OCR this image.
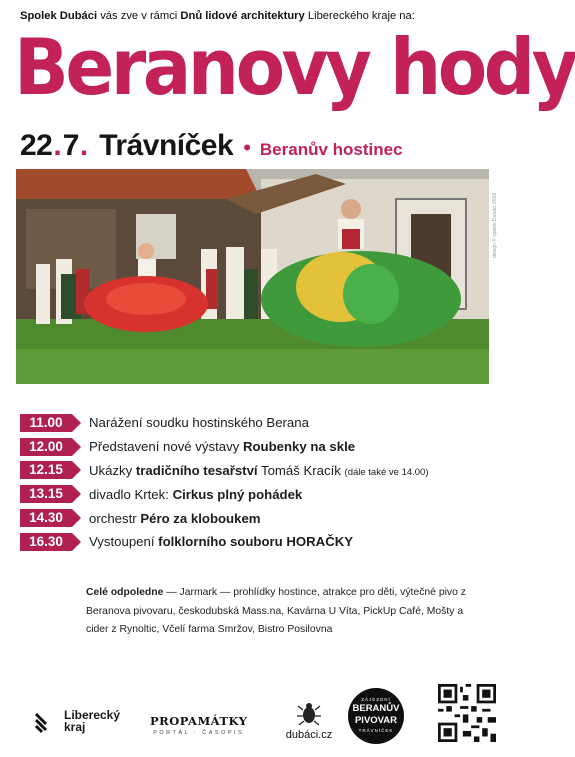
Spolek Dubáci vás zve v rámci Dnů lidové architektury Libereckého kraje na:
Beranovy hody
22 . 7 . Trávníček • Beranův hostinec
design © spolek Dubáci 2018
11.00	Narážení soudku hostinského Berana
12.00	Představení nové výstavy Roubenky na skle
12.15	Ukázky tradičního tesařství Tomáš Kracík (dále také ve 14.00)
13.15	divadlo Krtek: Cirkus plný pohádek
14.30	orchestr Péro za kloboukem
16.30	Vystoupení folklorního souboru HORAČKY
Celé odpoledne — Jarmark — prohlídky hostince, atrakce pro děti, výtečné pivo z Beranova pivovaru, českodubská Mass.na, Kavárna U Víta, PickUp Café, Mošty a cider z Rynoltic, Včelí farma Smržov, Bistro Posilovna
Liberecký
kraj	PROPAMÁTKY
PORTÁL · ČASOPIS	dubáci.cz
ZÁJEZDNÍ
BERANŮV
PIVOVAR
TRÁVNÍČEK
